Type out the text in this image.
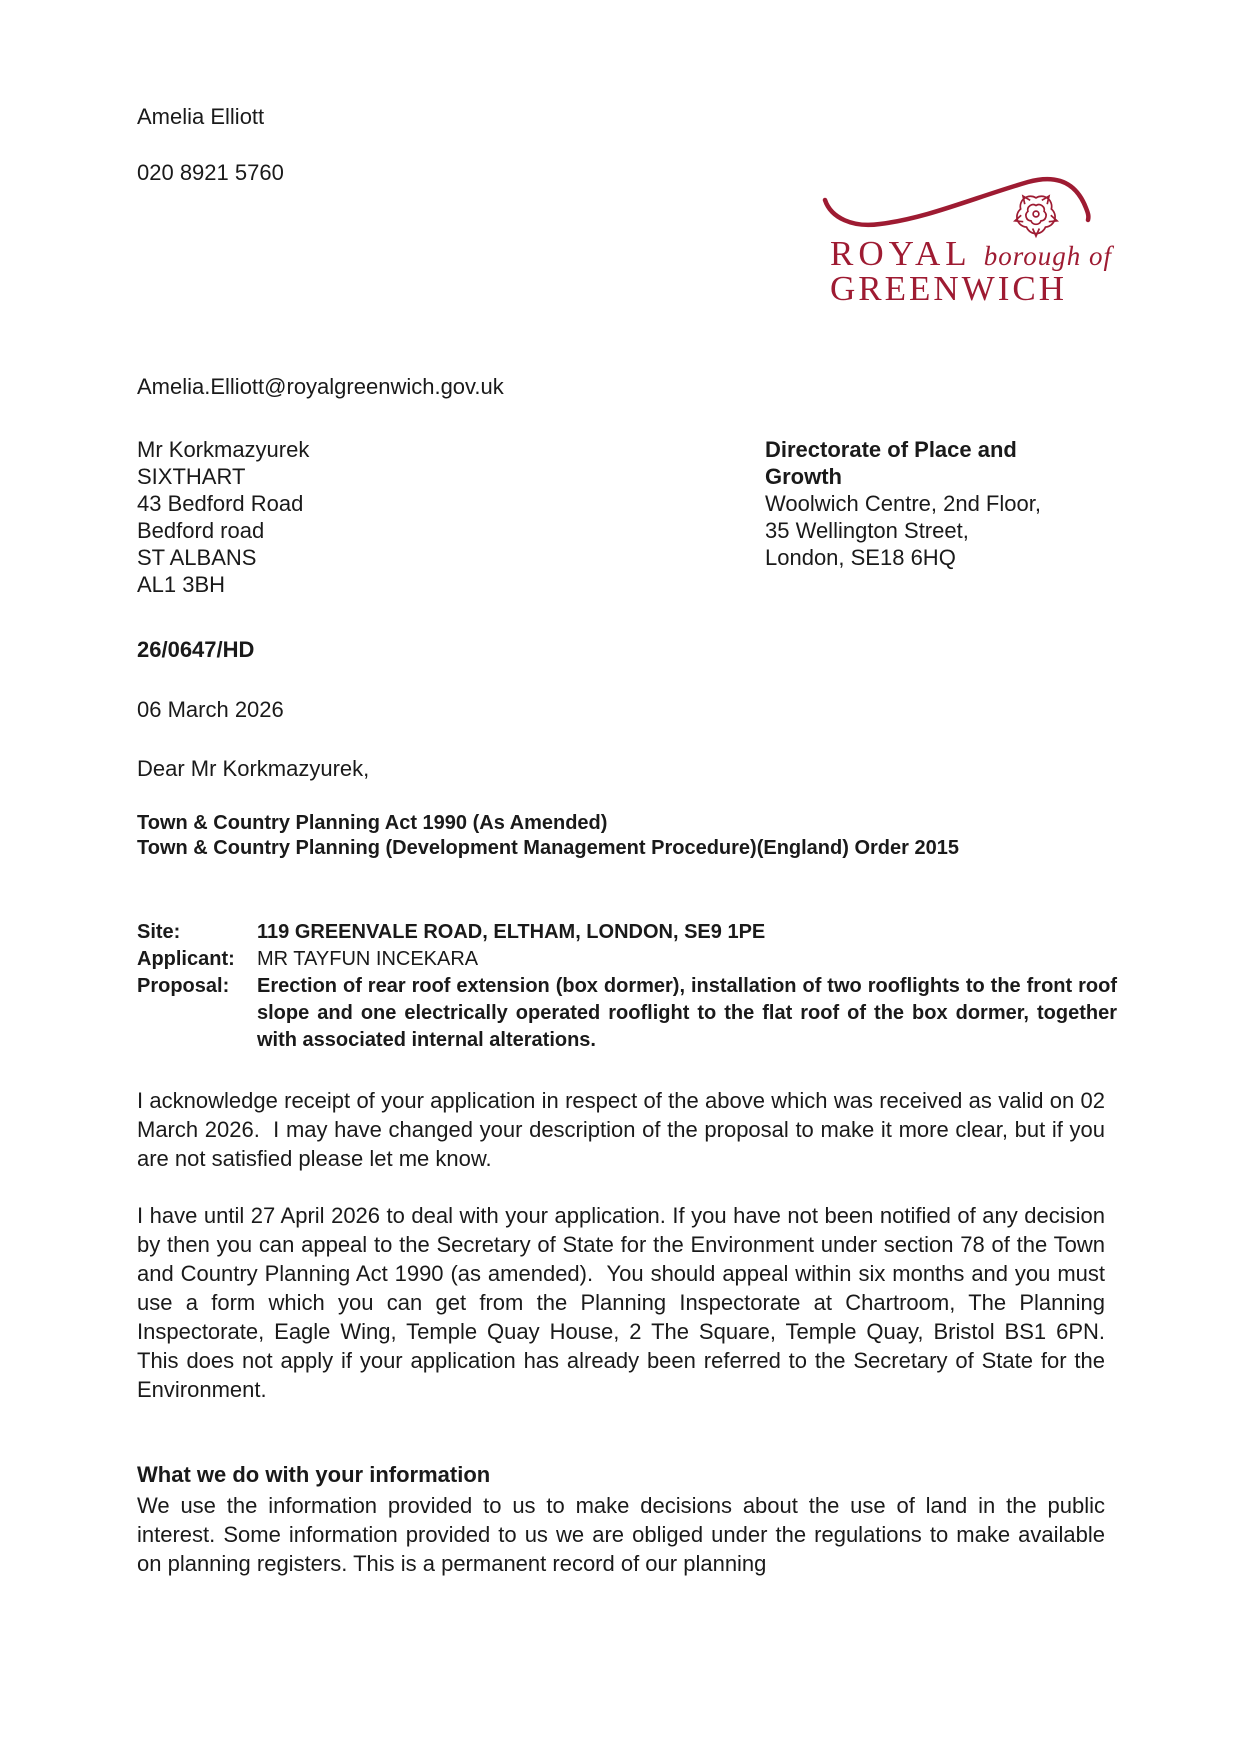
Amelia Elliott
020 8921 5760
ROYAL borough of
GREENWICH
Amelia.Elliott@royalgreenwich.gov.uk
Mr Korkmazyurek
SIXTHART
43 Bedford Road
Bedford road
ST ALBANS
AL1 3BH
Directorate of Place and Growth
Woolwich Centre, 2nd Floor,
35 Wellington Street,
London, SE18 6HQ
26/0647/HD
06 March 2026
Dear Mr Korkmazyurek,
Town & Country Planning Act 1990 (As Amended)
Town & Country Planning (Development Management Procedure)(England) Order 2015
Site:	119 GREENVALE ROAD, ELTHAM, LONDON, SE9 1PE
Applicant:	MR TAYFUN INCEKARA
Proposal:	Erection of rear roof extension (box dormer), installation of two rooflights to the front roof slope and one electrically operated rooflight to the flat roof of the box dormer, together with associated internal alterations.
I acknowledge receipt of your application in respect of the above which was received as valid on 02 March 2026.  I may have changed your description of the proposal to make it more clear, but if you are not satisfied please let me know.
I have until 27 April 2026 to deal with your application. If you have not been notified of any decision by then you can appeal to the Secretary of State for the Environment under section 78 of the Town and Country Planning Act 1990 (as amended).  You should appeal within six months and you must use a form which you can get from the Planning Inspectorate at Chartroom, The Planning Inspectorate, Eagle Wing, Temple Quay House, 2 The Square, Temple Quay, Bristol BS1 6PN.  This does not apply if your application has already been referred to the Secretary of State for the Environment.
What we do with your information
We use the information provided to us to make decisions about the use of land in the public interest. Some information provided to us we are obliged under the regulations to make available on planning registers. This is a permanent record of our planning
